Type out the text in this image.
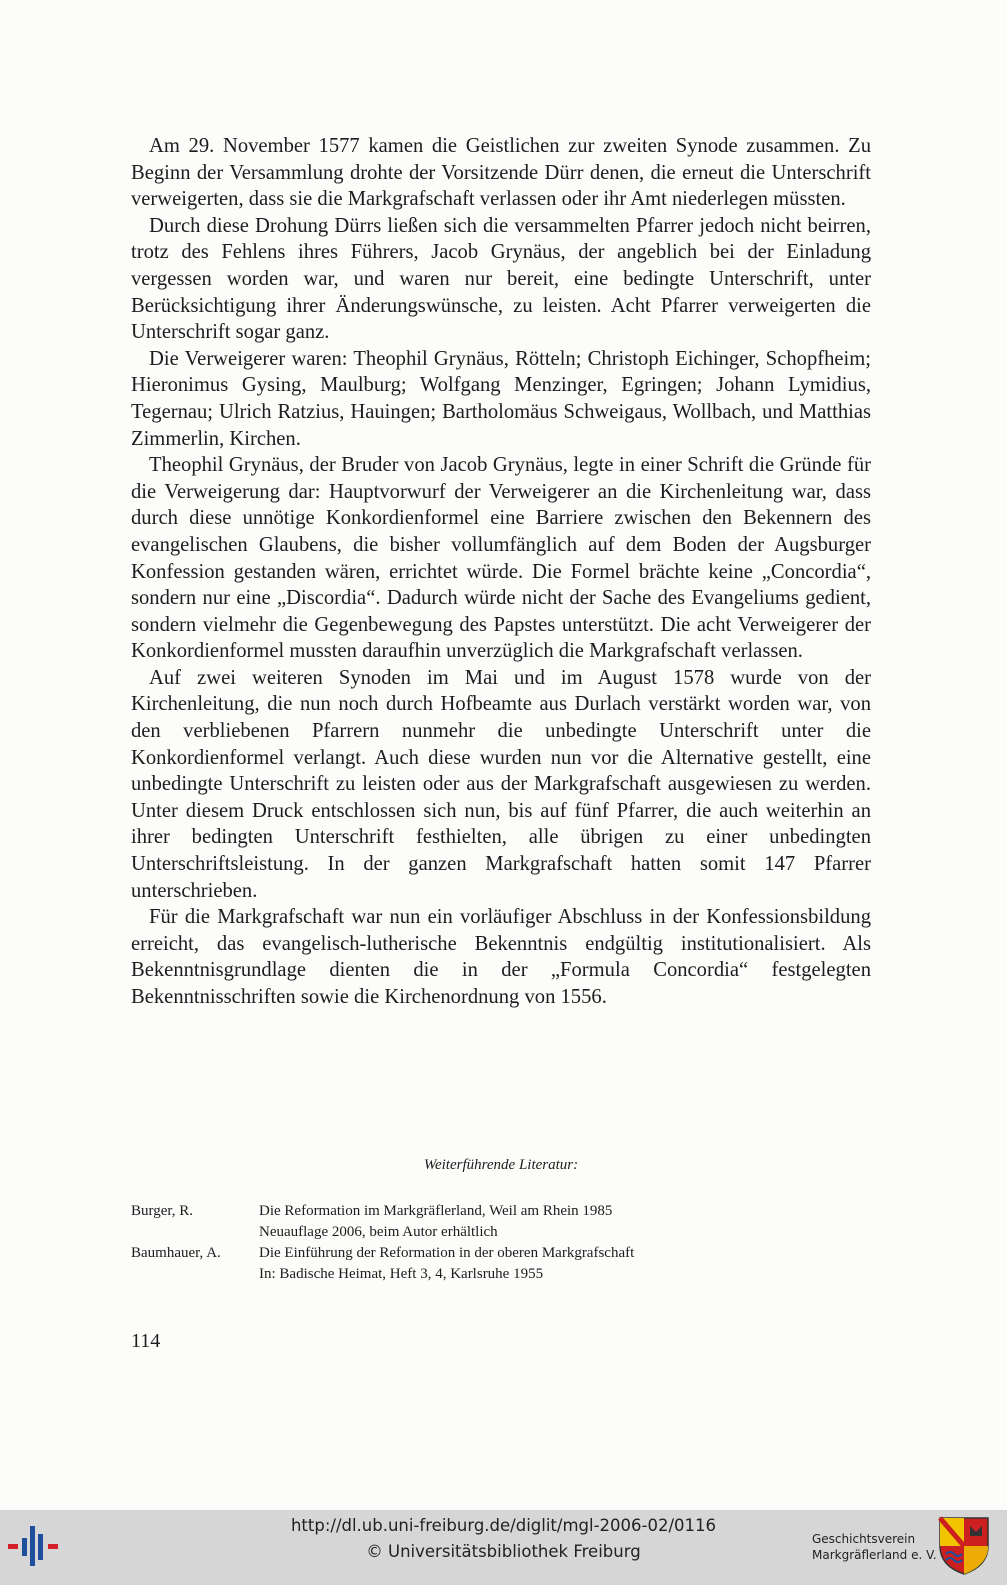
Am 29. November 1577 kamen die Geistlichen zur zweiten Synode zusammen. Zu Beginn der Versammlung drohte der Vorsitzende Dürr denen, die erneut die Unterschrift verweigerten, dass sie die Markgrafschaft verlassen oder ihr Amt niederlegen müssten.

Durch diese Drohung Dürrs ließen sich die versammelten Pfarrer jedoch nicht beirren, trotz des Fehlens ihres Führers, Jacob Grynäus, der angeblich bei der Einladung vergessen worden war, und waren nur bereit, eine bedingte Unterschrift, unter Berücksichtigung ihrer Änderungswünsche, zu leisten. Acht Pfarrer verweigerten die Unterschrift sogar ganz.

Die Verweigerer waren: Theophil Grynäus, Rötteln; Christoph Eichinger, Schopfheim; Hieronimus Gysing, Maulburg; Wolfgang Menzinger, Egringen; Johann Lymidius, Tegernau; Ulrich Ratzius, Hauingen; Bartholomäus Schweigaus, Wollbach, und Matthias Zimmerlin, Kirchen.

Theophil Grynäus, der Bruder von Jacob Grynäus, legte in einer Schrift die Gründe für die Verweigerung dar: Hauptvorwurf der Verweigerer an die Kirchenleitung war, dass durch diese unnötige Konkordienformel eine Barriere zwischen den Bekennern des evangelischen Glaubens, die bisher vollumfänglich auf dem Boden der Augsburger Konfession gestanden wären, errichtet würde. Die Formel brächte keine „Concordia“, sondern nur eine „Discordia“. Dadurch würde nicht der Sache des Evangeliums gedient, sondern vielmehr die Gegenbewegung des Papstes unterstützt. Die acht Verweigerer der Konkordienformel mussten daraufhin unverzüglich die Markgrafschaft verlassen.

Auf zwei weiteren Synoden im Mai und im August 1578 wurde von der Kirchenleitung, die nun noch durch Hofbeamte aus Durlach verstärkt worden war, von den verbliebenen Pfarrern nunmehr die unbedingte Unterschrift unter die Konkordienformel verlangt. Auch diese wurden nun vor die Alternative gestellt, eine unbedingte Unterschrift zu leisten oder aus der Markgrafschaft ausgewiesen zu werden. Unter diesem Druck entschlossen sich nun, bis auf fünf Pfarrer, die auch weiterhin an ihrer bedingten Unterschrift festhielten, alle übrigen zu einer unbedingten Unterschriftsleistung. In der ganzen Markgrafschaft hatten somit 147 Pfarrer unterschrieben.

Für die Markgrafschaft war nun ein vorläufiger Abschluss in der Konfessionsbildung erreicht, das evangelisch-lutherische Bekenntnis endgültig institutionalisiert. Als Bekenntnisgrundlage dienten die in der „Formula Concordia“ festgelegten Bekenntnisschriften sowie die Kirchenordnung von 1556.

Weiterführende Literatur:
Burger, R.	Die Reformation im Markgräflerland, Weil am Rhein 1985
Neuauflage 2006, beim Autor erhältlich
Baumhauer, A.	Die Einführung der Reformation in der oberen Markgrafschaft
In: Badische Heimat, Heft 3, 4, Karlsruhe 1955
114
http://dl.ub.uni-freiburg.de/diglit/mgl-2006-02/0116
© Universitätsbibliothek Freiburg
Geschichtsverein
Markgräflerland e. V.
